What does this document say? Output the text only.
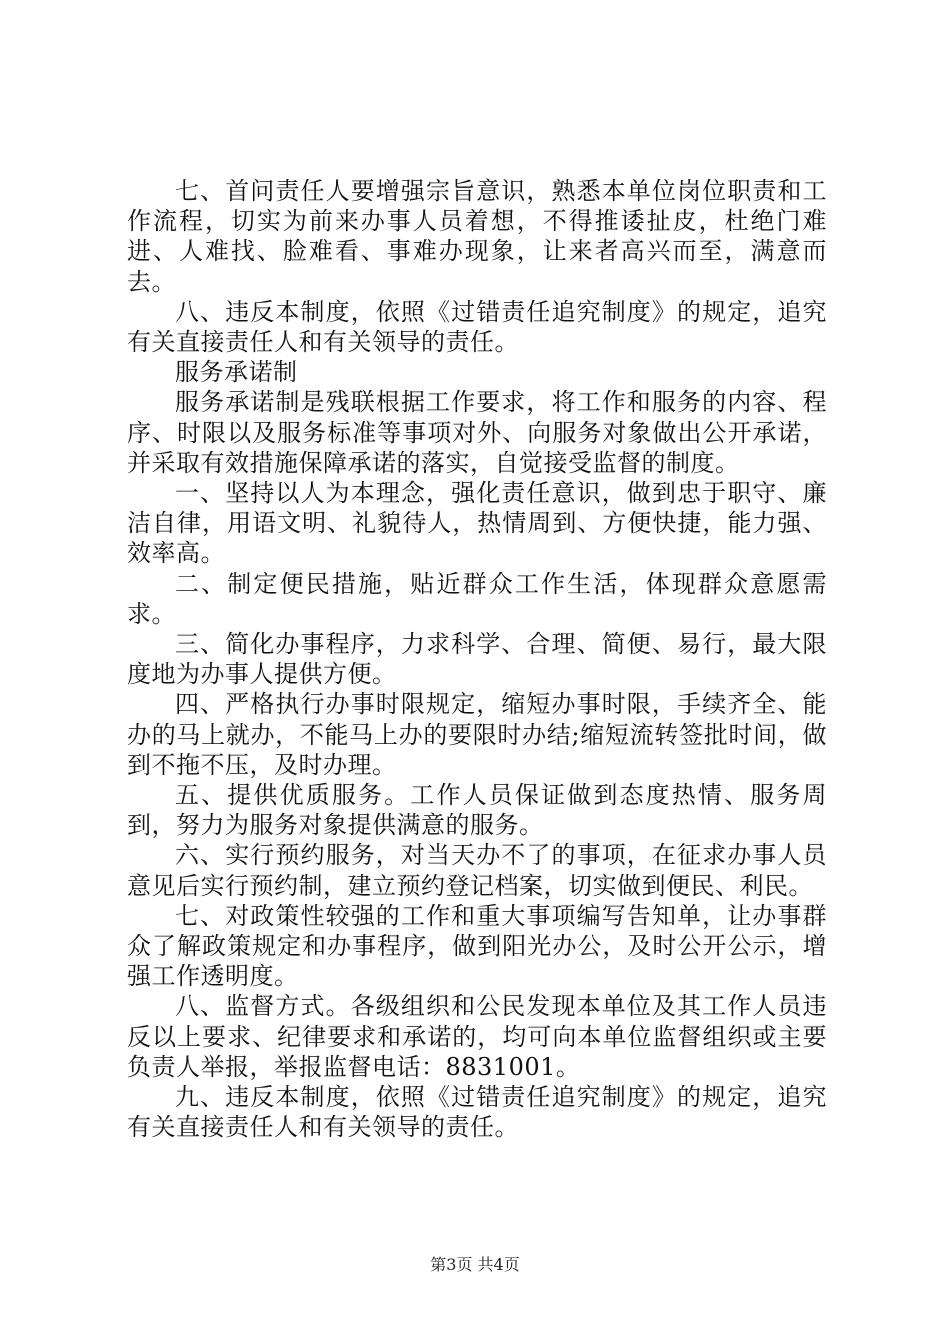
七、首问责任人要增强宗旨意识，熟悉本单位岗位职责和工作流程，切实为前来办事人员着想，不得推诿扯皮，杜绝门难进、人难找、脸难看、事难办现象，让来者高兴而至，满意而去。

八、违反本制度，依照《过错责任追究制度》的规定，追究有关直接责任人和有关领导的责任。

服务承诺制

服务承诺制是残联根据工作要求，将工作和服务的内容、程序、时限以及服务标准等事项对外、向服务对象做出公开承诺，并采取有效措施保障承诺的落实，自觉接受监督的制度。

一、坚持以人为本理念，强化责任意识，做到忠于职守、廉洁自律，用语文明、礼貌待人，热情周到、方便快捷，能力强、效率高。

二、制定便民措施，贴近群众工作生活，体现群众意愿需求。

三、简化办事程序，力求科学、合理、简便、易行，最大限度地为办事人提供方便。

四、严格执行办事时限规定，缩短办事时限，手续齐全、能办的马上就办，不能马上办的要限时办结;缩短流转签批时间，做到不拖不压，及时办理。

五、提供优质服务。工作人员保证做到态度热情、服务周到，努力为服务对象提供满意的服务。

六、实行预约服务，对当天办不了的事项，在征求办事人员意见后实行预约制，建立预约登记档案，切实做到便民、利民。

七、对政策性较强的工作和重大事项编写告知单，让办事群众了解政策规定和办事程序，做到阳光办公，及时公开公示，增强工作透明度。

八、监督方式。各级组织和公民发现本单位及其工作人员违反以上要求、纪律要求和承诺的，均可向本单位监督组织或主要负责人举报，举报监督电话：8831001。

九、违反本制度，依照《过错责任追究制度》的规定，追究有关直接责任人和有关领导的责任。

第3页 共4页
